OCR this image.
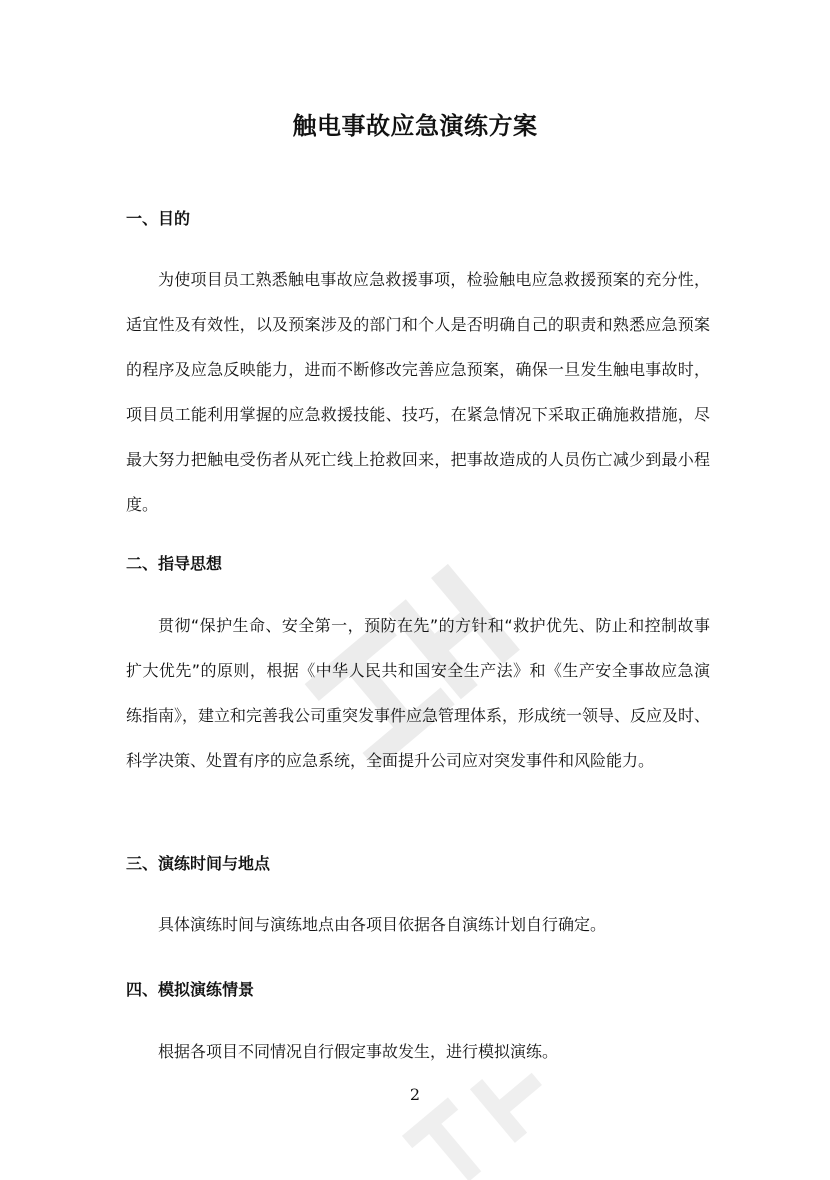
触电事故应急演练方案
一、目的
为使项目员工熟悉触电事故应急救援事项，检验触电应急救援预案的充分性，适宜性及有效性，以及预案涉及的部门和个人是否明确自己的职责和熟悉应急预案的程序及应急反映能力，进而不断修改完善应急预案，确保一旦发生触电事故时，项目员工能利用掌握的应急救援技能、技巧，在紧急情况下采取正确施救措施，尽最大努力把触电受伤者从死亡线上抢救回来，把事故造成的人员伤亡减少到最小程度。
二、指导思想
贯彻“保护生命、安全第一，预防在先”的方针和“救护优先、防止和控制故事扩大优先”的原则，根据《中华人民共和国安全生产法》和《生产安全事故应急演练指南》，建立和完善我公司重突发事件应急管理体系，形成统一领导、反应及时、科学决策、处置有序的应急系统，全面提升公司应对突发事件和风险能力。
三、演练时间与地点
具体演练时间与演练地点由各项目依据各自演练计划自行确定。
四、模拟演练情景
根据各项目不同情况自行假定事故发生，进行模拟演练。
2
